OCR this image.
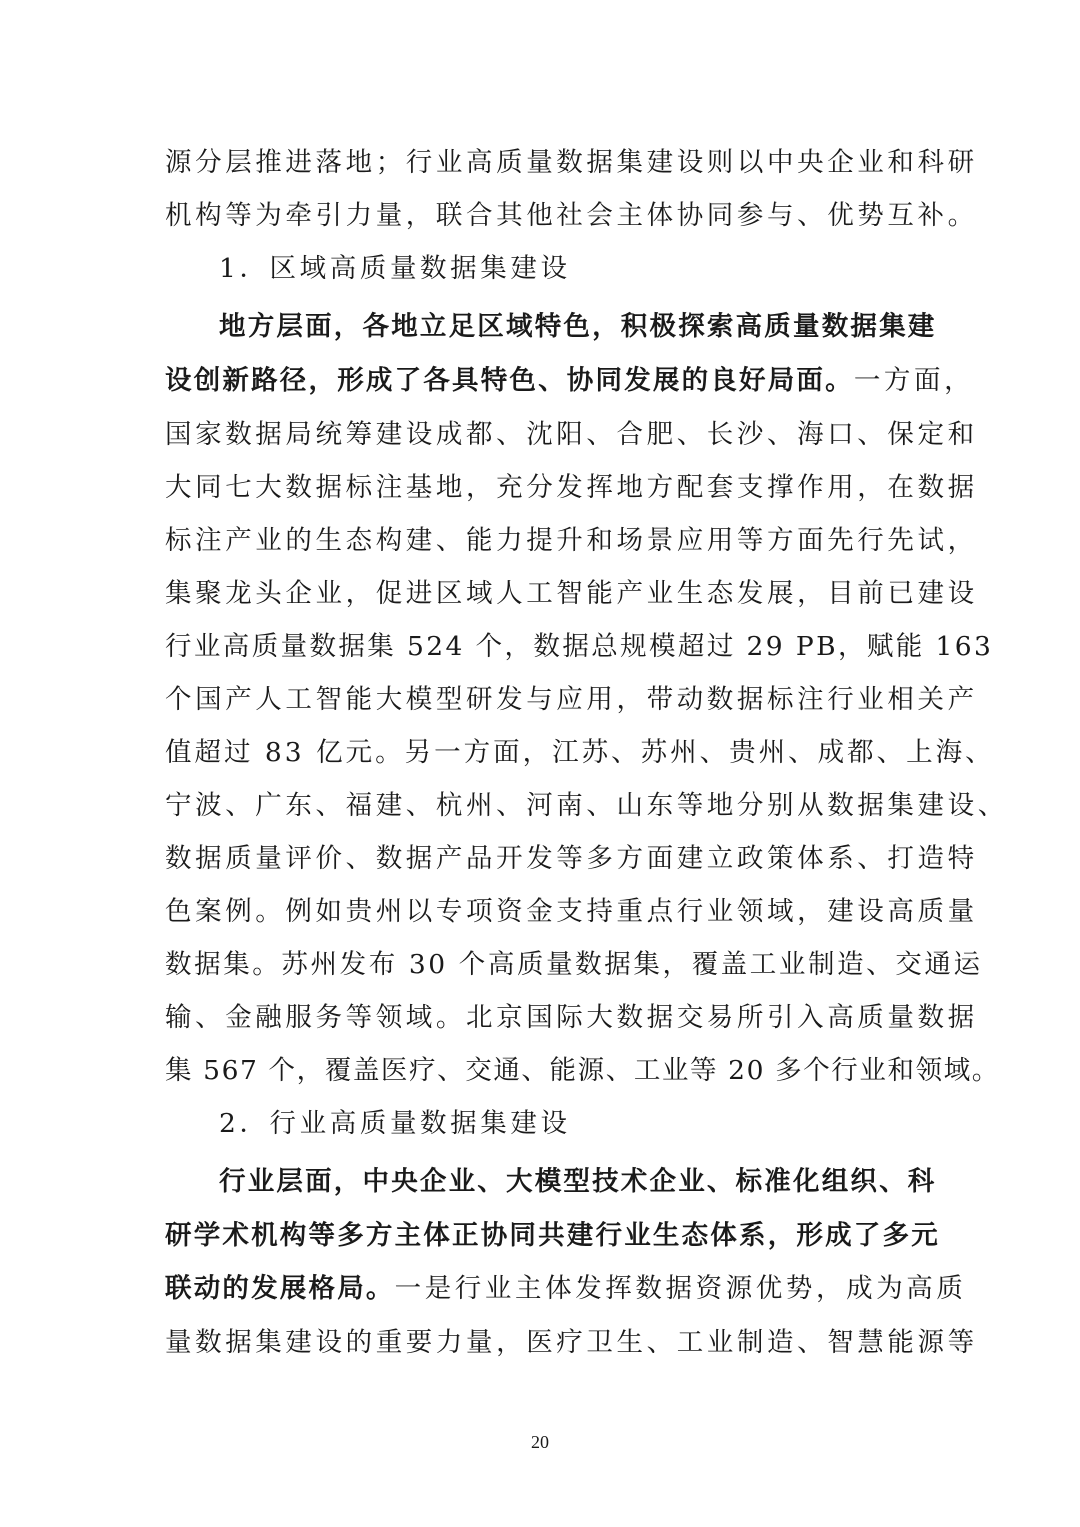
源分层推进落地；行业高质量数据集建设则以中央企业和科研
机构等为牵引力量，联合其他社会主体协同参与、优势互补。
1．区域高质量数据集建设
地方层面，各地立足区域特色，积极探索高质量数据集建
设创新路径，形成了各具特色、协同发展的良好局面。一方面，
国家数据局统筹建设成都、沈阳、合肥、长沙、海口、保定和
大同七大数据标注基地，充分发挥地方配套支撑作用，在数据
标注产业的生态构建、能力提升和场景应用等方面先行先试，
集聚龙头企业，促进区域人工智能产业生态发展，目前已建设
行业高质量数据集 524 个，数据总规模超过 29 PB，赋能 163
个国产人工智能大模型研发与应用，带动数据标注行业相关产
值超过 83 亿元。另一方面，江苏、苏州、贵州、成都、上海、
宁波、广东、福建、杭州、河南、山东等地分别从数据集建设、
数据质量评价、数据产品开发等多方面建立政策体系、打造特
色案例。例如贵州以专项资金支持重点行业领域，建设高质量
数据集。苏州发布 30 个高质量数据集，覆盖工业制造、交通运
输、金融服务等领域。北京国际大数据交易所引入高质量数据
集 567 个，覆盖医疗、交通、能源、工业等 20 多个行业和领域。
2．行业高质量数据集建设
行业层面，中央企业、大模型技术企业、标准化组织、科
研学术机构等多方主体正协同共建行业生态体系，形成了多元
联动的发展格局。一是行业主体发挥数据资源优势，成为高质
量数据集建设的重要力量，医疗卫生、工业制造、智慧能源等
20
